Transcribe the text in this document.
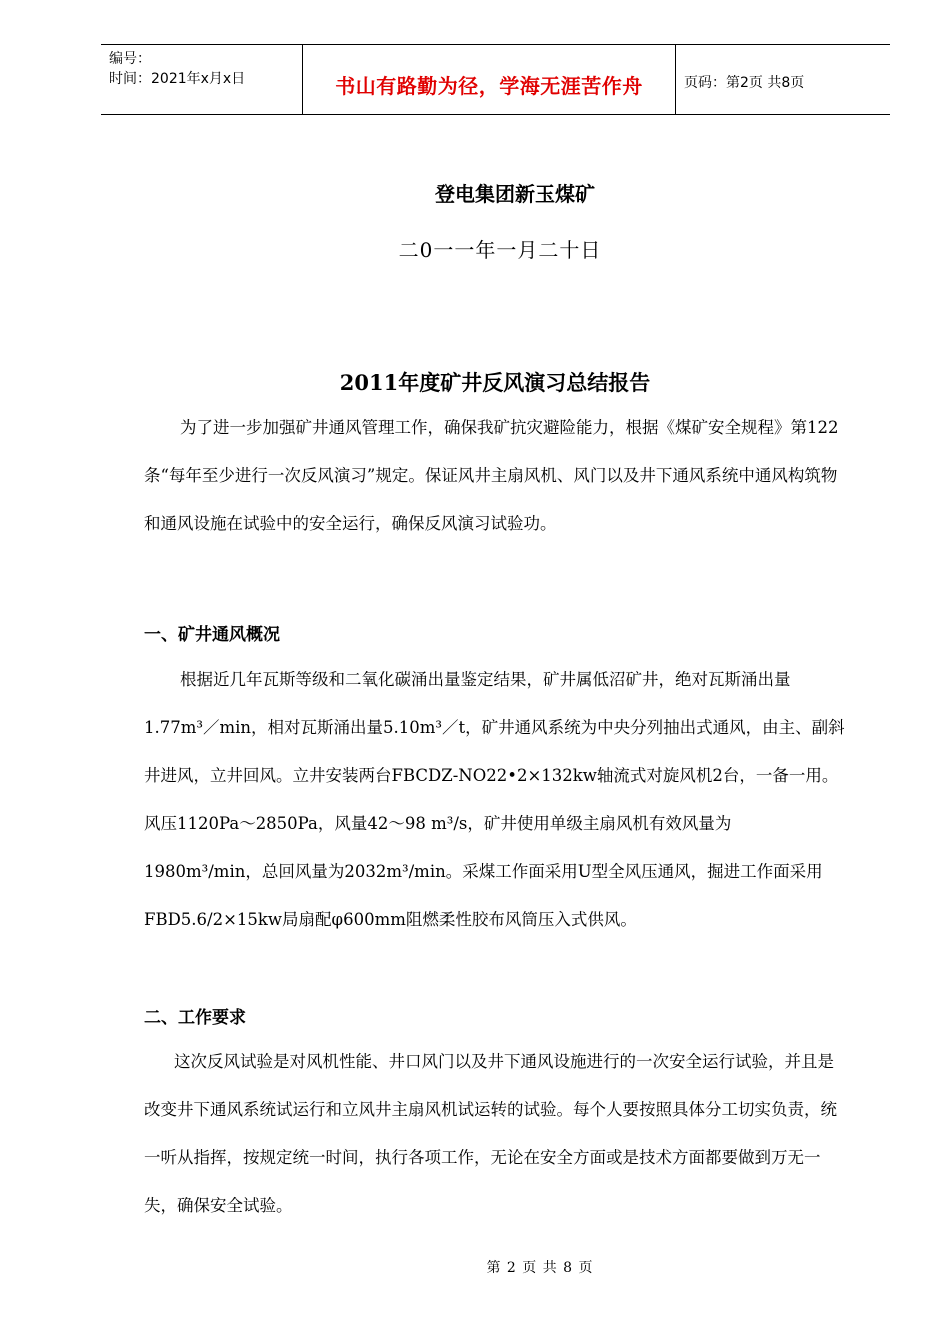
编号：
时间：2021年x月x日	书山有路勤为径，学海无涯苦作舟	页码：第2页 共8页
登电集团新玉煤矿
二0一一年一月二十日
2011年度矿井反风演习总结报告

为了进一步加强矿井通风管理工作，确保我矿抗灾避险能力，根据《煤矿安全规程》第122条“每年至少进行一次反风演习”规定。保证风井主扇风机、风门以及井下通风系统中通风构筑物和通风设施在试验中的安全运行，确保反风演习试验功。

一、矿井通风概况

根据近几年瓦斯等级和二氧化碳涌出量鉴定结果，矿井属低沼矿井，绝对瓦斯涌出量1.77m³／min，相对瓦斯涌出量5.10m³／t，矿井通风系统为中央分列抽出式通风，由主、副斜井进风，立井回风。立井安装两台FBCDZ-NO22•2×132kw轴流式对旋风机2台，一备一用。风压1120Pa～2850Pa，风量42～98 m³/s，矿井使用单级主扇风机有效风量为1980m³/min，总回风量为2032m³/min。采煤工作面采用U型全风压通风，掘进工作面采用FBD5.6/2×15kw局扇配φ600mm阻燃柔性胶布风筒压入式供风。

二、工作要求

这次反风试验是对风机性能、井口风门以及井下通风设施进行的一次安全运行试验，并且是改变井下通风系统试运行和立风井主扇风机试运转的试验。每个人要按照具体分工切实负责，统一听从指挥，按规定统一时间，执行各项工作，无论在安全方面或是技术方面都要做到万无一失，确保安全试验。

第 2 页 共 8 页
